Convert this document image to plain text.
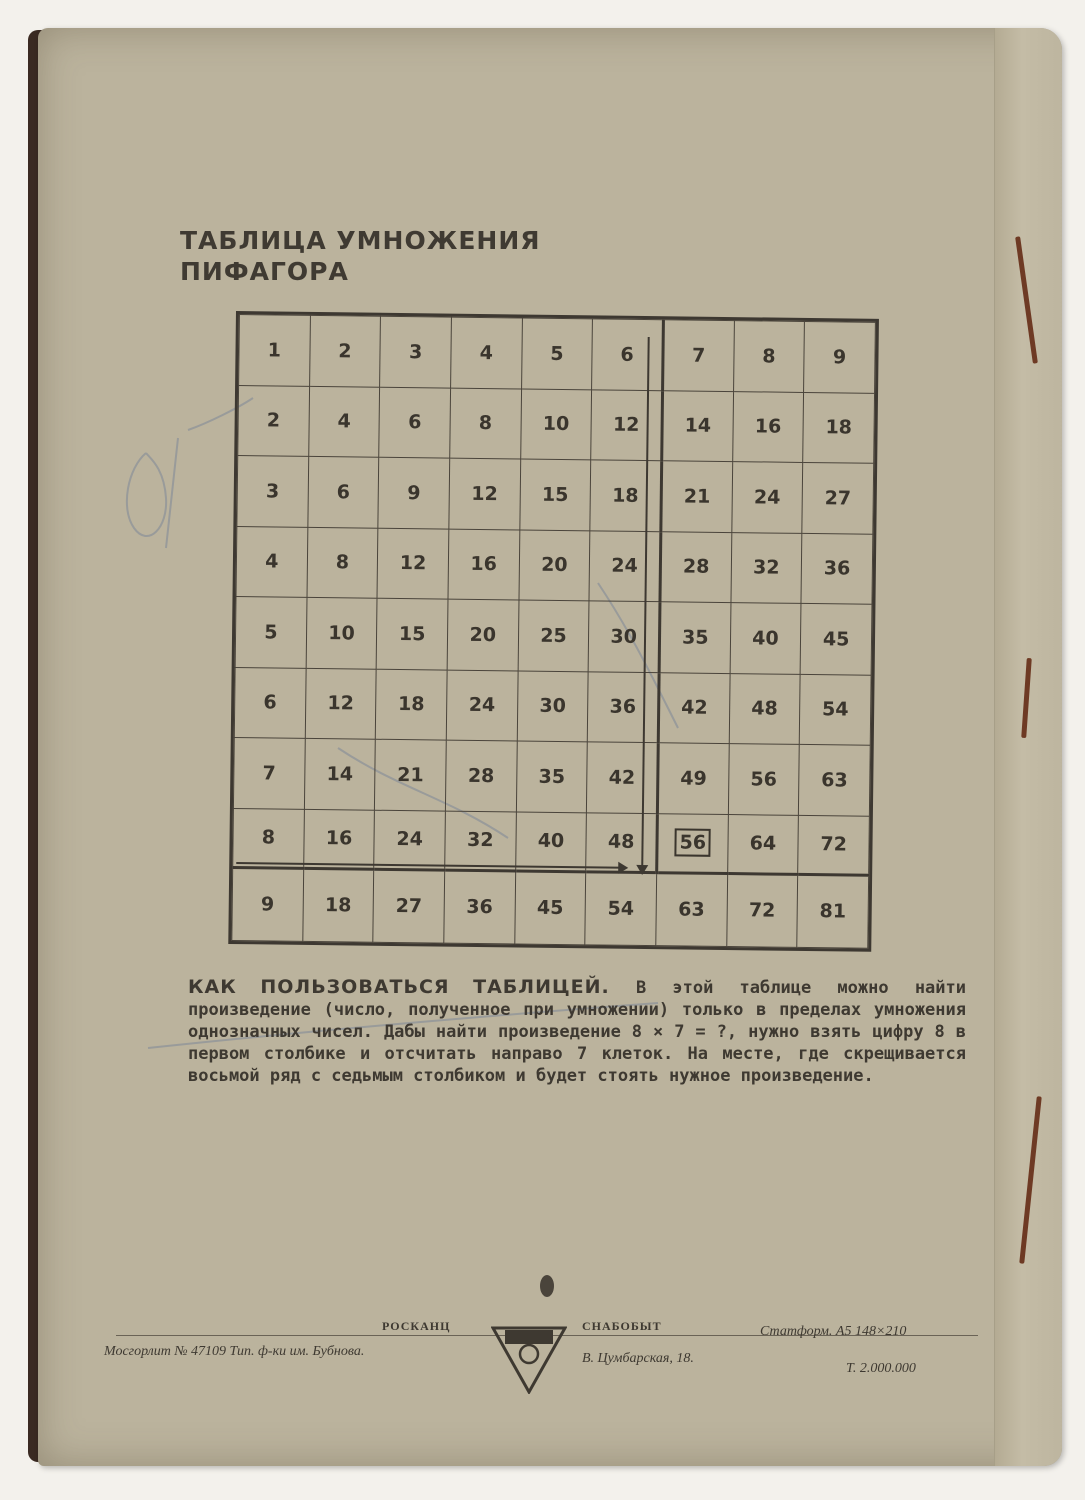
ТАБЛИЦА УМНОЖЕНИЯ
ПИФАГОРА
1	2	3	4	5	6	7	8	9
2	4	6	8	10	12	14	16	18
3	6	9	12	15	18	21	24	27
4	8	12	16	20	24	28	32	36
5	10	15	20	25	30	35	40	45
6	12	18	24	30	36	42	48	54
7	14	21	28	35	42	49	56	63
8	16	24	32	40	48	56	64	72
9	18	27	36	45	54	63	72	81

КАК ПОЛЬЗОВАТЬСЯ ТАБЛИЦЕЙ. В этой таблице можно найти произведение (число, полученное при умножении) только в пределах умножения однозначных чисел. Дабы найти произведение 8 × 7 = ?, нужно взять цифру 8 в первом столбике и отсчитать направо 7 клеток. На месте, где скрещивается восьмой ряд с седьмым столбиком и будет стоять нужное произведение.

РОСКАНЦ
Мосгорлит № 47109 Тип. ф-ки им. Бубнова.
СНАБОБЫТ
В. Цумбарская, 18.
Статформ. А5 148×210
Т. 2.000.000
